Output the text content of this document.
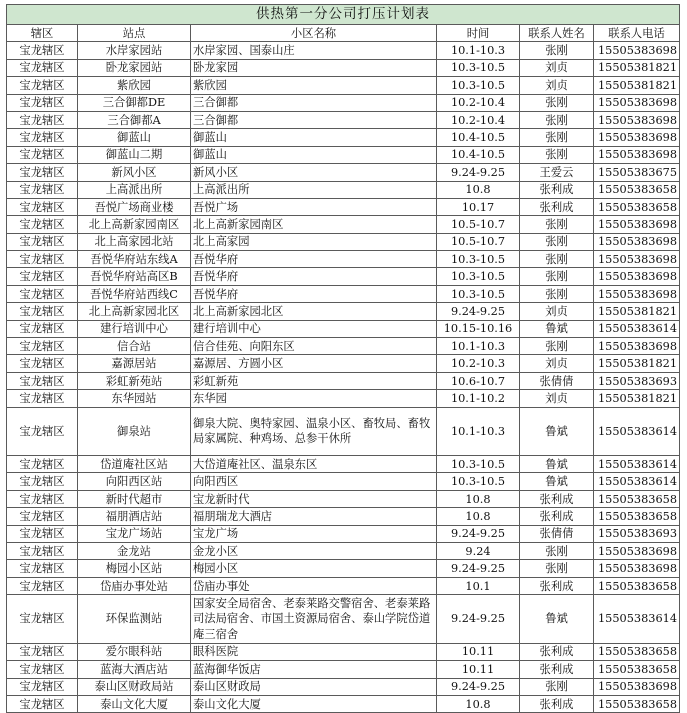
供热第一分公司打压计划表					
辖区	站点	小区名称	时间	联系人姓名	联系人电话
宝龙辖区	水岸家园站	水岸家园、国泰山庄	10.1-10.3	张刚	15505383698
宝龙辖区	卧龙家园站	卧龙家园	10.3-10.5	刘贞	15505381821
宝龙辖区	紫欣园	紫欣园	10.3-10.5	刘贞	15505381821
宝龙辖区	三合御都DE	三合御都	10.2-10.4	张刚	15505383698
宝龙辖区	三合御都A	三合御都	10.2-10.4	张刚	15505383698
宝龙辖区	御蓝山	御蓝山	10.4-10.5	张刚	15505383698
宝龙辖区	御蓝山二期	御蓝山	10.4-10.5	张刚	15505383698
宝龙辖区	新风小区	新风小区	9.24-9.25	王爱云	15505383675
宝龙辖区	上高派出所	上高派出所	10.8	张利成	15505383658
宝龙辖区	吾悦广场商业楼	吾悦广场	10.17	张利成	15505383658
宝龙辖区	北上高新家园南区	北上高新家园南区	10.5-10.7	张刚	15505383698
宝龙辖区	北上高家园北站	北上高家园	10.5-10.7	张刚	15505383698
宝龙辖区	吾悦华府站东线A	吾悦华府	10.3-10.5	张刚	15505383698
宝龙辖区	吾悦华府站高区B	吾悦华府	10.3-10.5	张刚	15505383698
宝龙辖区	吾悦华府站西线C	吾悦华府	10.3-10.5	张刚	15505383698
宝龙辖区	北上高新家园北区	北上高新家园北区	9.24-9.25	刘贞	15505381821
宝龙辖区	建行培训中心	建行培训中心	10.15-10.16	鲁斌	15505383614
宝龙辖区	信合站	信合佳苑、向阳东区	10.1-10.3	张刚	15505383698
宝龙辖区	嘉源居站	嘉源居、方圆小区	10.2-10.3	刘贞	15505381821
宝龙辖区	彩虹新苑站	彩虹新苑	10.6-10.7	张倩倩	15505383693
宝龙辖区	东华园站	东华园	10.1-10.2	刘贞	15505381821
宝龙辖区	御泉站	御泉大院、奥特家园、温泉小区、畜牧局、畜牧局家属院、种鸡场、总参干休所	10.1-10.3	鲁斌	15505383614
宝龙辖区	岱道庵社区站	大岱道庵社区、温泉东区	10.3-10.5	鲁斌	15505383614
宝龙辖区	向阳西区站	向阳西区	10.3-10.5	鲁斌	15505383614
宝龙辖区	新时代超市	宝龙新时代	10.8	张利成	15505383658
宝龙辖区	福朋酒店站	福朋瑞龙大酒店	10.8	张利成	15505383658
宝龙辖区	宝龙广场站	宝龙广场	9.24-9.25	张倩倩	15505383693
宝龙辖区	金龙站	金龙小区	9.24	张刚	15505383698
宝龙辖区	梅园小区站	梅园小区	9.24-9.25	张刚	15505383698
宝龙辖区	岱庙办事处站	岱庙办事处	10.1	张利成	15505383658
宝龙辖区	环保监测站	国家安全局宿舍、老泰莱路交警宿舍、老泰莱路司法局宿舍、市国土资源局宿舍、泰山学院岱道庵三宿舍	9.24-9.25	鲁斌	15505383614
宝龙辖区	爱尔眼科站	眼科医院	10.11	张利成	15505383658
宝龙辖区	蓝海大酒店站	蓝海御华饭店	10.11	张利成	15505383658
宝龙辖区	泰山区财政局站	泰山区财政局	9.24-9.25	张刚	15505383698
宝龙辖区	泰山文化大厦	泰山文化大厦	10.8	张利成	15505383658
